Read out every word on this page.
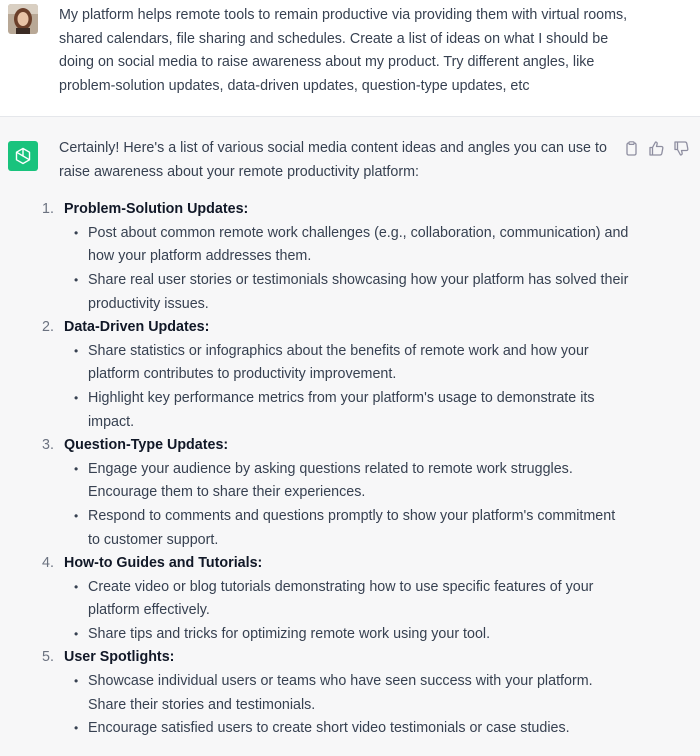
My platform helps remote tools to remain productive via providing them with virtual rooms, shared calendars, file sharing and schedules. Create a list of ideas on what I should be doing on social media to raise awareness about my product. Try different angles, like problem-solution updates, data-driven updates, question-type updates, etc

Certainly! Here's a list of various social media content ideas and angles you can use to raise awareness about your remote productivity platform:

1. Problem-Solution Updates:
• Post about common remote work challenges (e.g., collaboration, communication) and how your platform addresses them.
• Share real user stories or testimonials showcasing how your platform has solved their productivity issues.
2. Data-Driven Updates:
• Share statistics or infographics about the benefits of remote work and how your platform contributes to productivity improvement.
• Highlight key performance metrics from your platform's usage to demonstrate its impact.
3. Question-Type Updates:
• Engage your audience by asking questions related to remote work struggles. Encourage them to share their experiences.
• Respond to comments and questions promptly to show your platform's commitment to customer support.
4. How-to Guides and Tutorials:
• Create video or blog tutorials demonstrating how to use specific features of your platform effectively.
• Share tips and tricks for optimizing remote work using your tool.
5. User Spotlights:
• Showcase individual users or teams who have seen success with your platform. Share their stories and testimonials.
• Encourage satisfied users to create short video testimonials or case studies.
